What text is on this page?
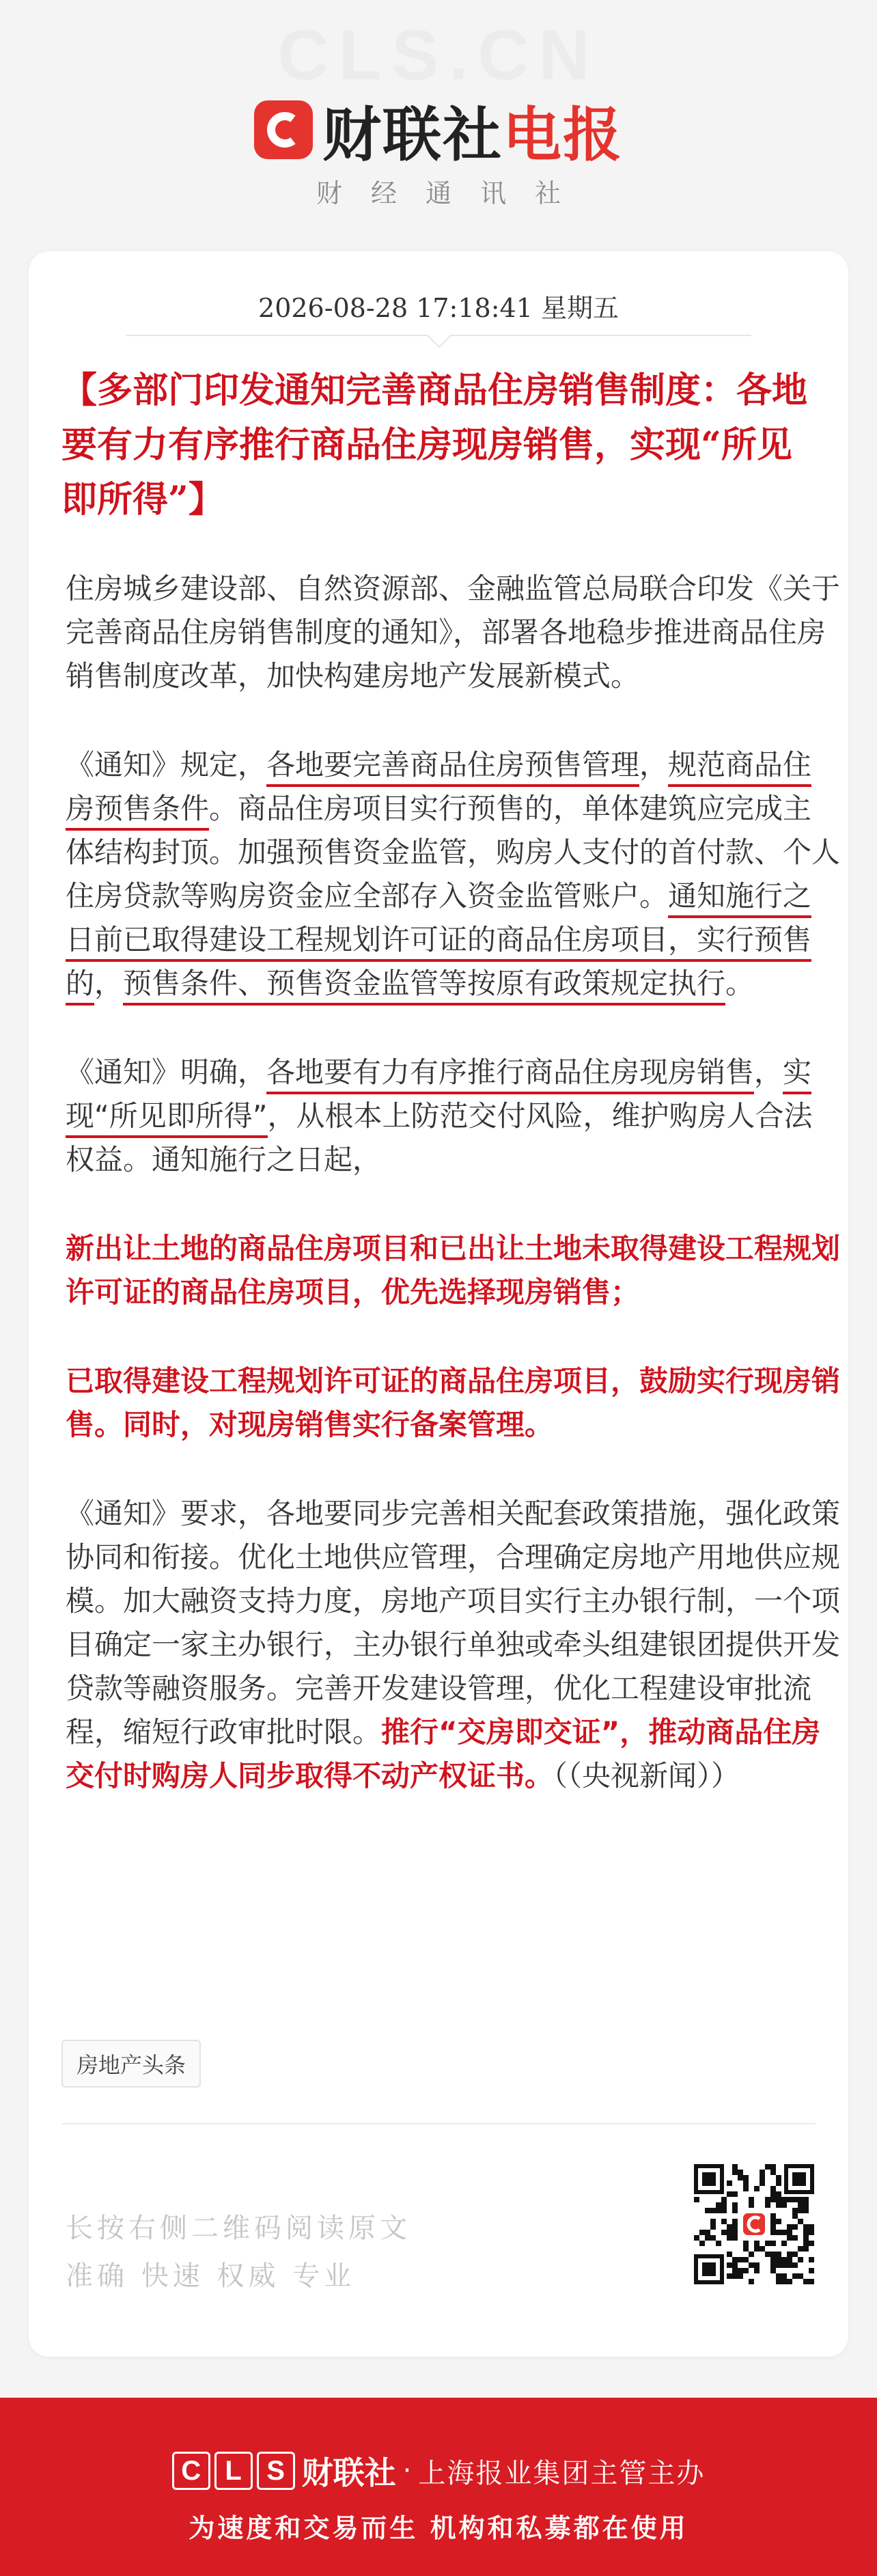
CLS.CN
财联社电报
财经通讯社
2026-08-28 17:18:41 星期五
【多部门印发通知完善商品住房销售制度：各地要有力有序推行商品住房现房销售，实现“所见即所得”】

住房城乡建设部、自然资源部、金融监管总局联合印发《关于完善商品住房销售制度的通知》，部署各地稳步推进商品住房销售制度改革，加快构建房地产发展新模式。

《通知》规定，各地要完善商品住房预售管理，规范商品住房预售条件。商品住房项目实行预售的，单体建筑应完成主体结构封顶。加强预售资金监管，购房人支付的首付款、个人住房贷款等购房资金应全部存入资金监管账户。通知施行之日前已取得建设工程规划许可证的商品住房项目，实行预售的，预售条件、预售资金监管等按原有政策规定执行。

《通知》明确，各地要有力有序推行商品住房现房销售，实现“所见即所得”，从根本上防范交付风险，维护购房人合法权益。通知施行之日起，

新出让土地的商品住房项目和已出让土地未取得建设工程规划许可证的商品住房项目，优先选择现房销售；

已取得建设工程规划许可证的商品住房项目，鼓励实行现房销售。同时，对现房销售实行备案管理。

《通知》要求，各地要同步完善相关配套政策措施，强化政策协同和衔接。优化土地供应管理，合理确定房地产用地供应规模。加大融资支持力度，房地产项目实行主办银行制，一个项目确定一家主办银行，主办银行单独或牵头组建银团提供开发贷款等融资服务。完善开发建设管理，优化工程建设审批流程，缩短行政审批时限。推行“交房即交证”，推动商品住房交付时购房人同步取得不动产权证书。（（央视新闻））

房地产头条
长按右侧二维码阅读原文
准确 快速 权威 专业
C L S 财联社 · 上海报业集团主管主办
为速度和交易而生 机构和私募都在使用
